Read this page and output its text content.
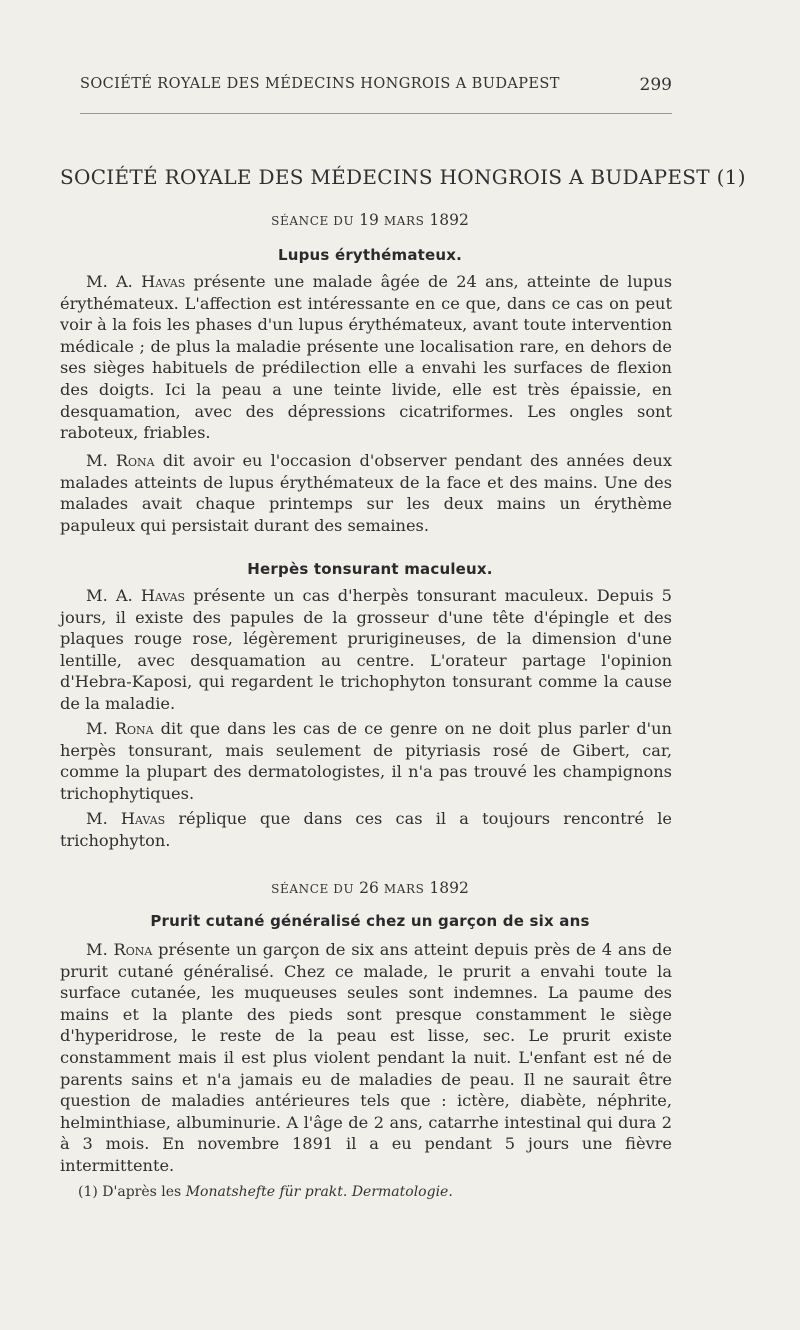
SOCIÉTÉ ROYALE DES MÉDECINS HONGROIS A BUDAPEST	299
SOCIÉTÉ ROYALE DES MÉDECINS HONGROIS A BUDAPEST (1)
SÉANCE DU 19 MARS 1892
Lupus érythémateux.
M. A. Havas présente une malade âgée de 24 ans, atteinte de lupus érythémateux. L'affection est intéressante en ce que, dans ce cas on peut voir à la fois les phases d'un lupus érythémateux, avant toute intervention médicale ; de plus la maladie présente une localisation rare, en dehors de ses sièges habituels de prédilection elle a envahi les surfaces de flexion des doigts. Ici la peau a une teinte livide, elle est très épaissie, en desquamation, avec des dépressions cicatriformes. Les ongles sont raboteux, friables.
M. Rona dit avoir eu l'occasion d'observer pendant des années deux malades atteints de lupus érythémateux de la face et des mains. Une des malades avait chaque printemps sur les deux mains un érythème papuleux qui persistait durant des semaines.
Herpès tonsurant maculeux.
M. A. Havas présente un cas d'herpès tonsurant maculeux. Depuis 5 jours, il existe des papules de la grosseur d'une tête d'épingle et des plaques rouge rose, légèrement prurigineuses, de la dimension d'une lentille, avec desquamation au centre. L'orateur partage l'opinion d'Hebra-Kaposi, qui regardent le trichophyton tonsurant comme la cause de la maladie.
M. Rona dit que dans les cas de ce genre on ne doit plus parler d'un herpès tonsurant, mais seulement de pityriasis rosé de Gibert, car, comme la plupart des dermatologistes, il n'a pas trouvé les champignons trichophytiques.
M. Havas réplique que dans ces cas il a toujours rencontré le trichophyton.
SÉANCE DU 26 MARS 1892
Prurit cutané généralisé chez un garçon de six ans
M. Rona présente un garçon de six ans atteint depuis près de 4 ans de prurit cutané généralisé. Chez ce malade, le prurit a envahi toute la surface cutanée, les muqueuses seules sont indemnes. La paume des mains et la plante des pieds sont presque constamment le siège d'hyperidrose, le reste de la peau est lisse, sec. Le prurit existe constamment mais il est plus violent pendant la nuit. L'enfant est né de parents sains et n'a jamais eu de maladies de peau. Il ne saurait être question de maladies antérieures tels que : ictère, diabète, néphrite, helminthiase, albuminurie. A l'âge de 2 ans, catarrhe intestinal qui dura 2 à 3 mois. En novembre 1891 il a eu pendant 5 jours une fièvre intermittente.
(1) D'après les Monatshefte für prakt. Dermatologie.
